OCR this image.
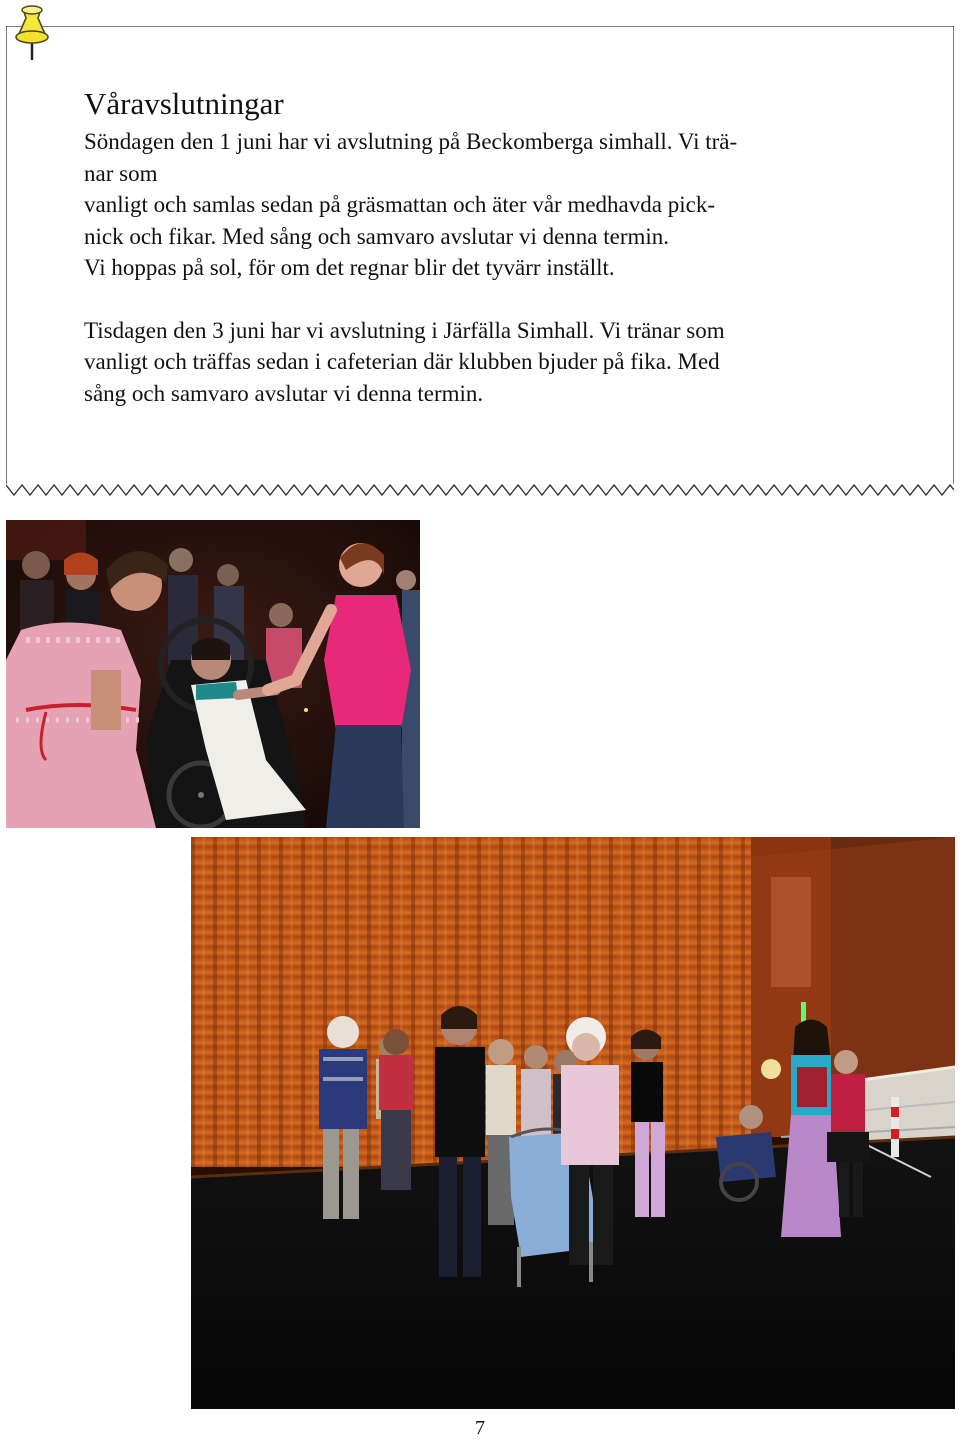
Våravslutningar

Söndagen den 1 juni har vi avslutning på Beckomberga simhall. Vi trä-
nar som
vanligt och samlas sedan på gräsmattan och äter vår medhavda pick-
nick och fikar. Med sång och samvaro avslutar vi denna termin.
Vi hoppas på sol, för om det regnar blir det tyvärr inställt.

Tisdagen den 3 juni har vi avslutning i Järfälla Simhall. Vi tränar som
vanligt och träffas sedan i cafeterian där klubben bjuder på fika. Med
sång och samvaro avslutar vi denna termin.

7
